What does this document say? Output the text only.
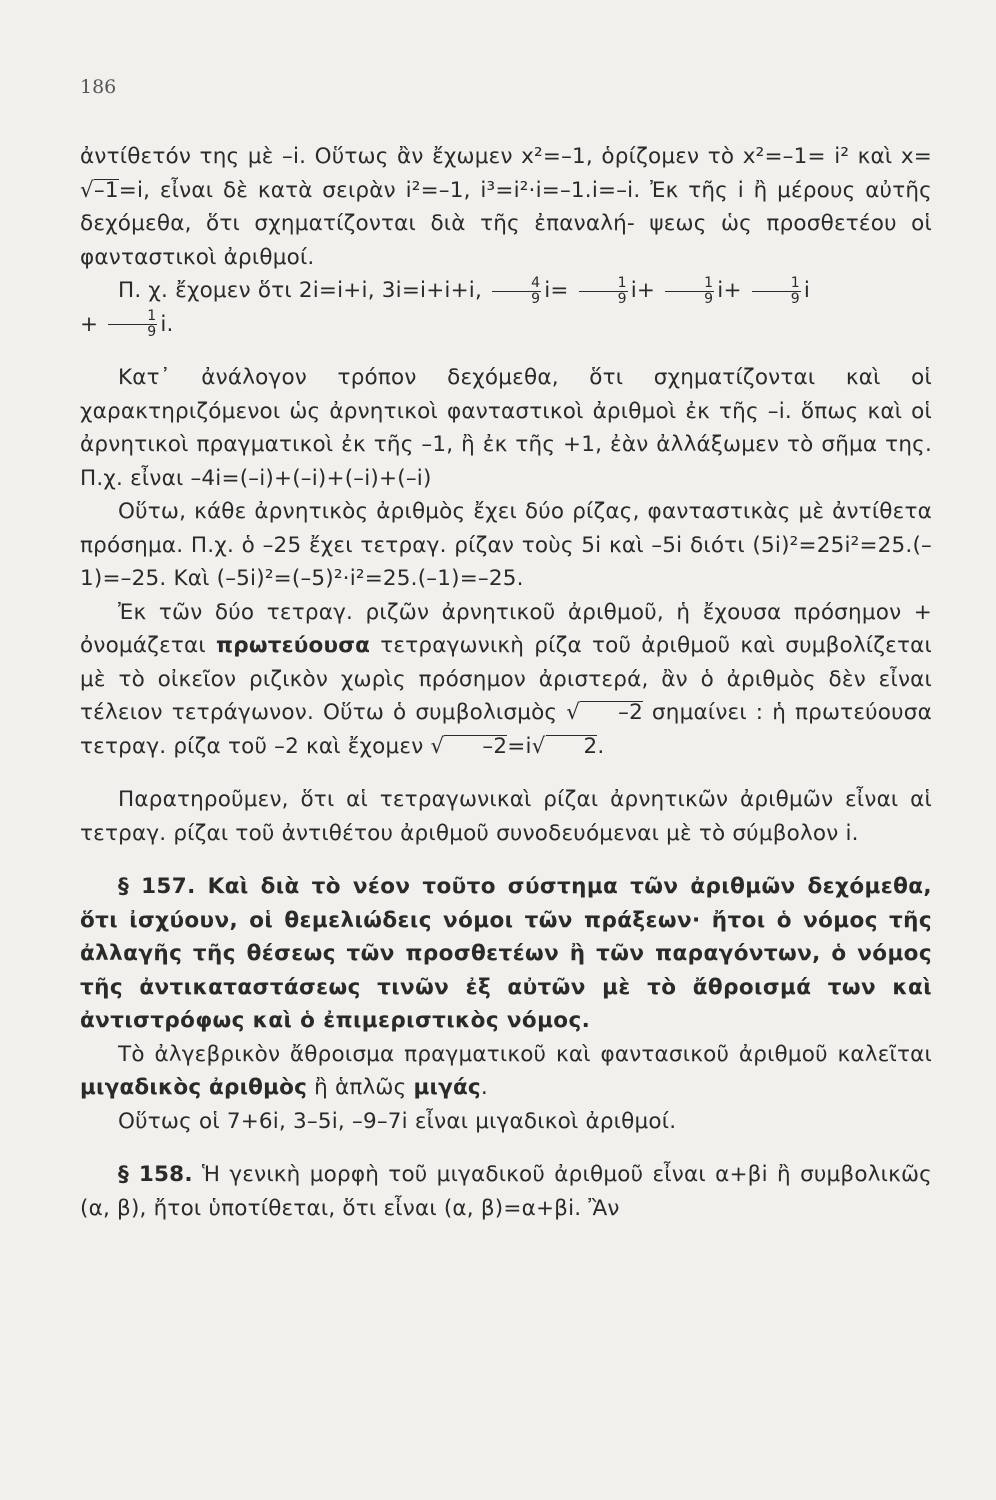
186

ἀντίθετόν της μὲ –i. Οὕτως ἂν ἔχωμεν x²=–1, ὁρίζομεν τὸ x²=–1= i² καὶ x= √–1=i, εἶναι δὲ κατὰ σειρὰν i²=–1, i³=i²·i=–1.i=–i. Ἐκ τῆς i ἢ μέρους αὐτῆς δεχόμεθα, ὅτι σχηματίζονται διὰ τῆς ἐπαναλή- ψεως ὡς προσθετέου οἱ φανταστικοὶ ἀριθμοί.

Π. χ. ἔχομεν ὅτι 2i=i+i, 3i=i+i+i, $\frac{4}{9} i= \frac{1}{9} i+ \frac{1}{9} i+ \frac{1}{9}$ i
+ $\frac{1}{9} i$.

Κατ᾽ ἀνάλογον τρόπον δεχόμεθα, ὅτι σχηματίζονται καὶ οἱ χαρακτηριζόμενοι ὡς ἀρνητικοὶ φανταστικοὶ ἀριθμοὶ ἐκ τῆς –i. ὅπως καὶ οἱ ἀρνητικοὶ πραγματικοὶ ἐκ τῆς –1, ἢ ἐκ τῆς +1, ἐὰν ἀλλάξωμεν τὸ σῆμα της. Π.χ. εἶναι –4i=(–i)+(–i)+(–i)+(–i)

Οὕτω, κάθε ἀρνητικὸς ἀριθμὸς ἔχει δύο ρίζας, φανταστικὰς μὲ ἀντίθετα πρόσημα. Π.χ. ὁ –25 ἔχει τετραγ. ρίζαν τοὺς 5i καὶ –5i διότι (5i)²=25i²=25.(–1)=–25. Καὶ (–5i)²=(–5)²·i²=25.(–1)=–25.

Ἐκ τῶν δύο τετραγ. ριζῶν ἀρνητικοῦ ἀριθμοῦ, ἡ ἔχουσα πρόσημον + ὀνομάζεται πρωτεύουσα τετραγωνικὴ ρίζα τοῦ ἀριθμοῦ καὶ συμβολίζεται μὲ τὸ οἰκεῖον ριζικὸν χωρὶς πρόσημον ἀριστερά, ἂν ὁ ἀριθμὸς δὲν εἶναι τέλειον τετράγωνον. Οὕτω ὁ συμβολισμὸς √ –2 σημαίνει : ἡ πρωτεύουσα τετραγ. ρίζα τοῦ –2 καὶ ἔχομεν √ –2=i√ 2.

Παρατηροῦμεν, ὅτι αἱ τετραγωνικαὶ ρίζαι ἀρνητικῶν ἀριθμῶν εἶναι αἱ τετραγ. ρίζαι τοῦ ἀντιθέτου ἀριθμοῦ συνοδευόμεναι μὲ τὸ σύμβολον i.

§ 157. Καὶ διὰ τὸ νέον τοῦτο σύστημα τῶν ἀριθμῶν δεχόμεθα, ὅτι ἰσχύουν, οἱ θεμελιώδεις νόμοι τῶν πράξεων· ἤτοι ὁ νόμος τῆς ἀλλαγῆς τῆς θέσεως τῶν προσθετέων ἢ τῶν παραγόντων, ὁ νόμος τῆς ἀντικαταστάσεως τινῶν ἐξ αὐτῶν μὲ τὸ ἄθροισμά των καὶ ἀντιστρόφως καὶ ὁ ἐπιμεριστικὸς νόμος.

Τὸ ἀλγεβρικὸν ἄθροισμα πραγματικοῦ καὶ φαντασικοῦ ἀριθμοῦ καλεῖται μιγαδικὸς ἀριθμὸς ἢ ἁπλῶς μιγάς.

Οὕτως οἱ 7+6i, 3–5i, –9–7i εἶναι μιγαδικοὶ ἀριθμοί.

§ 158. Ἡ γενικὴ μορφὴ τοῦ μιγαδικοῦ ἀριθμοῦ εἶναι α+βi ἢ συμβολικῶς (α, β), ἤτοι ὑποτίθεται, ὅτι εἶναι (α, β)=α+βi. Ἂν
